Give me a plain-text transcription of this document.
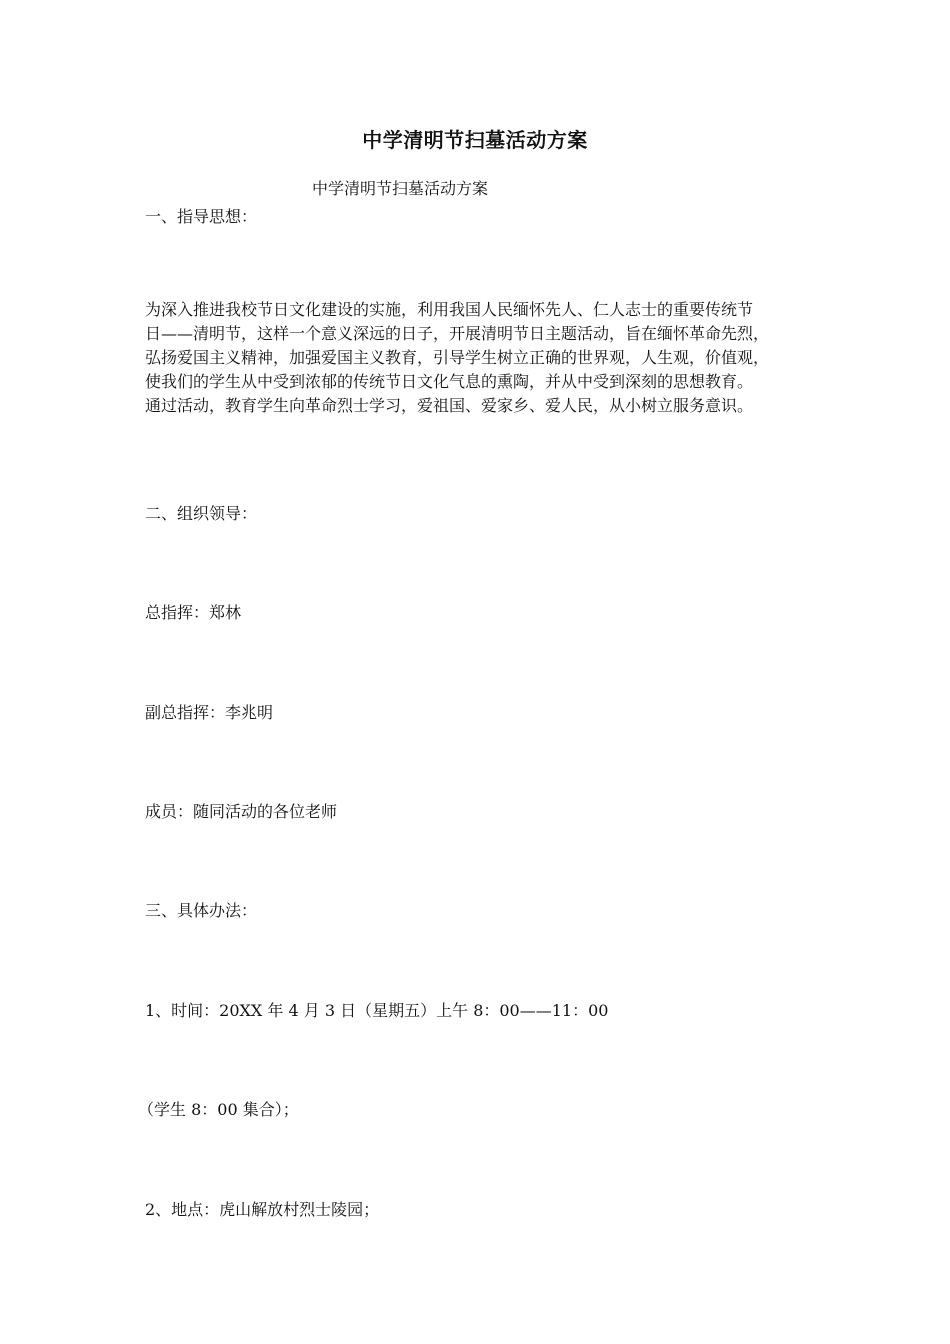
中学清明节扫墓活动方案
中学清明节扫墓活动方案
一、指导思想：
为深入推进我校节日文化建设的实施，利用我国人民缅怀先人、仁人志士的重要传统节
日——清明节，这样一个意义深远的日子，开展清明节日主题活动，旨在缅怀革命先烈，
弘扬爱国主义精神，加强爱国主义教育，引导学生树立正确的世界观，人生观，价值观，
使我们的学生从中受到浓郁的传统节日文化气息的熏陶，并从中受到深刻的思想教育。
通过活动，教育学生向革命烈士学习，爱祖国、爱家乡、爱人民，从小树立服务意识。
二、组织领导：
总指挥：郑林
副总指挥：李兆明
成员：随同活动的各位老师
三、具体办法：
1、时间：20XX 年 4 月 3 日（星期五）上午 8：00——11：00
（学生 8：00 集合）；
2、地点：虎山解放村烈士陵园；
